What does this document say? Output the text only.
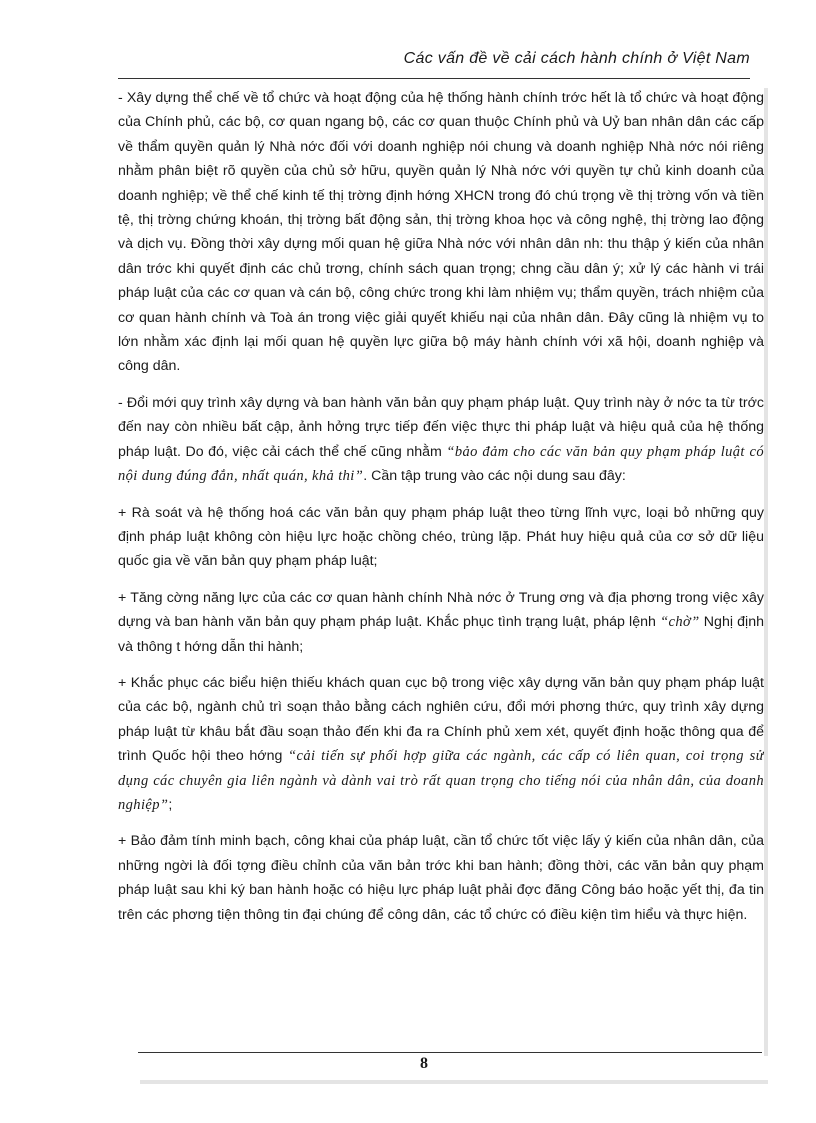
Các vấn đề về cải cách hành chính ở Việt Nam

- Xây dựng thể chế về tổ chức và hoạt động của hệ thống hành chính trớc hết là tổ chức và hoạt động của Chính phủ, các bộ, cơ quan ngang bộ, các cơ quan thuộc Chính phủ và Uỷ ban nhân dân các cấp về thẩm quyền quản lý Nhà nớc đối với doanh nghiệp nói chung và doanh nghiệp Nhà nớc nói riêng nhằm phân biệt rõ quyền của chủ sở hữu, quyền quản lý Nhà nớc với quyền tự chủ kinh doanh của doanh nghiệp; về thể chế kinh tế thị trờng định hớng XHCN trong đó chú trọng về thị trờng vốn và tiền tệ, thị trờng chứng khoán, thị trờng bất động sản, thị trờng khoa học và công nghệ, thị trờng lao động và dịch vụ. Đồng thời xây dựng mối quan hệ giữa Nhà nớc với nhân dân nh: thu thập ý kiến của nhân dân trớc khi quyết định các chủ trơng, chính sách quan trọng; chng cầu dân ý; xử lý các hành vi trái pháp luật của các cơ quan và cán bộ, công chức trong khi làm nhiệm vụ; thẩm quyền, trách nhiệm của cơ quan hành chính và Toà án trong việc giải quyết khiếu nại của nhân dân. Đây cũng là nhiệm vụ to lớn nhằm xác định lại mối quan hệ quyền lực giữa bộ máy hành chính với xã hội, doanh nghiệp và công dân.

- Đổi mới quy trình xây dựng và ban hành văn bản quy phạm pháp luật. Quy trình này ở nớc ta từ trớc đến nay còn nhiều bất cập, ảnh hởng trực tiếp đến việc thực thi pháp luật và hiệu quả của hệ thống pháp luật. Do đó, việc cải cách thể chế cũng nhằm “bảo đảm cho các văn bản quy phạm pháp luật có nội dung đúng đắn, nhất quán, khả thi”. Cần tập trung vào các nội dung sau đây:

+ Rà soát và hệ thống hoá các văn bản quy phạm pháp luật theo từng lĩnh vực, loại bỏ những quy định pháp luật không còn hiệu lực hoặc chồng chéo, trùng lặp. Phát huy hiệu quả của cơ sở dữ liệu quốc gia về văn bản quy phạm pháp luật;

+ Tăng cờng năng lực của các cơ quan hành chính Nhà nớc ở Trung ơng và địa phơng trong việc xây dựng và ban hành văn bản quy phạm pháp luật. Khắc phục tình trạng luật, pháp lệnh “chờ” Nghị định và thông t hớng dẫn thi hành;

+ Khắc phục các biểu hiện thiếu khách quan cục bộ trong việc xây dựng văn bản quy phạm pháp luật của các bộ, ngành chủ trì soạn thảo bằng cách nghiên cứu, đổi mới phơng thức, quy trình xây dựng pháp luật từ khâu bắt đầu soạn thảo đến khi đa ra Chính phủ xem xét, quyết định hoặc thông qua để trình Quốc hội theo hớng “cải tiến sự phối hợp giữa các ngành, các cấp có liên quan, coi trọng sử dụng các chuyên gia liên ngành và dành vai trò rất quan trọng cho tiếng nói của nhân dân, của doanh nghiệp”;

+ Bảo đảm tính minh bạch, công khai của pháp luật, cần tổ chức tốt việc lấy ý kiến của nhân dân, của những ngời là đối tợng điều chỉnh của văn bản trớc khi ban hành; đồng thời, các văn bản quy phạm pháp luật sau khi ký ban hành hoặc có hiệu lực pháp luật phải đợc đăng Công báo hoặc yết thị, đa tin trên các phơng tiện thông tin đại chúng để công dân, các tổ chức có điều kiện tìm hiểu và thực hiện.

8
